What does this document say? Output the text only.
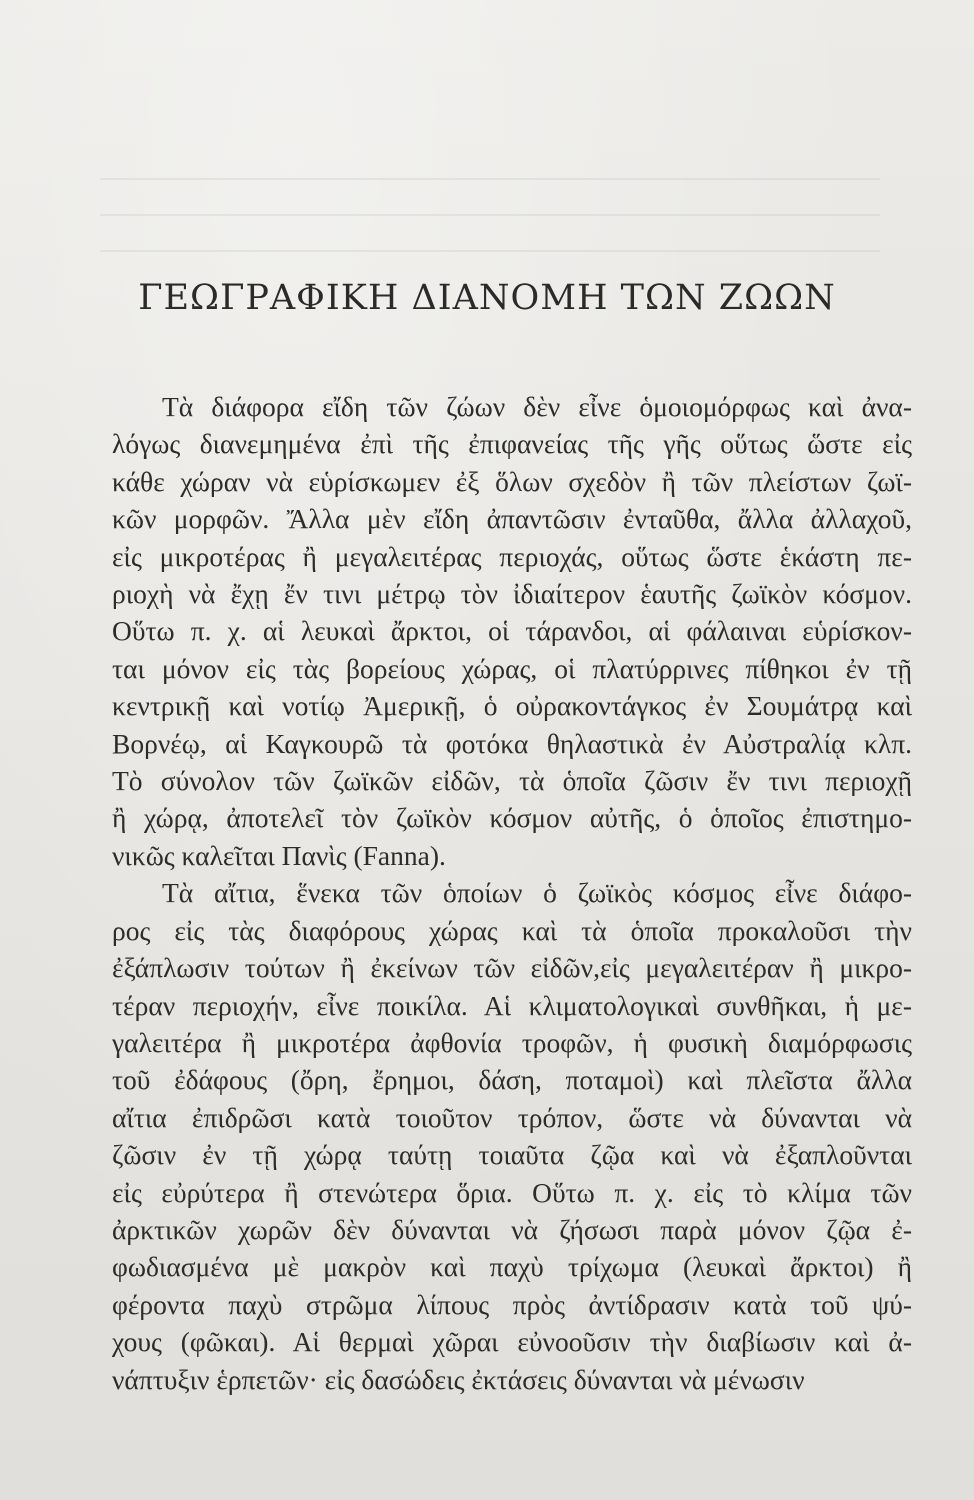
ΓΕΩΓΡΑΦΙΚΗ ΔΙΑΝΟΜΗ ΤΩΝ ΖΩΩΝ
Τὰ διάφορα εἴδη τῶν ζώων δὲν εἶνε ὁμοιομόρφως καὶ ἀνα-
λόγως διανεμημένα ἐπὶ τῆς ἐπιφανείας τῆς γῆς οὕτως ὥστε εἰς
κάθε χώραν νὰ εὑρίσκωμεν ἐξ ὅλων σχεδὸν ἢ τῶν πλείστων ζωϊ-
κῶν μορφῶν. Ἄλλα μὲν εἴδη ἀπαντῶσιν ἐνταῦθα, ἄλλα ἀλλαχοῦ,
εἰς μικροτέρας ἢ μεγαλειτέρας περιοχάς, οὕτως ὥστε ἑκάστη πε-
ριοχὴ νὰ ἔχῃ ἔν τινι μέτρῳ τὸν ἰδιαίτερον ἑαυτῆς ζωϊκὸν κόσμον.
Οὕτω π. χ. αἱ λευκαὶ ἄρκτοι, οἱ τάρανδοι, αἱ φάλαιναι εὑρίσκον-
ται μόνον εἰς τὰς βορείους χώρας, οἱ πλατύρρινες πίθηκοι ἐν τῇ
κεντρικῇ καὶ νοτίῳ Ἀμερικῇ, ὁ οὐρακοντάγκος ἐν Σουμάτρᾳ καὶ
Βορνέῳ, αἱ Καγκουρῶ τὰ φοτόκα θηλαστικὰ ἐν Αὐστραλίᾳ κλπ.
Τὸ σύνολον τῶν ζωϊκῶν εἰδῶν, τὰ ὁποῖα ζῶσιν ἔν τινι περιοχῇ
ἢ χώρᾳ, ἀποτελεῖ τὸν ζωϊκὸν κόσμον αὐτῆς, ὁ ὁποῖος ἐπιστημο-
νικῶς καλεῖται Πανὶς (Fanna).
Τὰ αἴτια, ἕνεκα τῶν ὁποίων ὁ ζωϊκὸς κόσμος εἶνε διάφο-
ρος εἰς τὰς διαφόρους χώρας καὶ τὰ ὁποῖα προκαλοῦσι τὴν
ἐξάπλωσιν τούτων ἢ ἐκείνων τῶν εἰδῶν,εἰς μεγαλειτέραν ἢ μικρο-
τέραν περιοχήν, εἶνε ποικίλα. Αἱ κλιματολογικαὶ συνθῆκαι, ἡ με-
γαλειτέρα ἢ μικροτέρα ἀφθονία τροφῶν, ἡ φυσικὴ διαμόρφωσις
τοῦ ἐδάφους (ὄρη, ἔρημοι, δάση, ποταμοὶ) καὶ πλεῖστα ἄλλα
αἴτια ἐπιδρῶσι κατὰ τοιοῦτον τρόπον, ὥστε νὰ δύνανται νὰ
ζῶσιν ἐν τῇ χώρᾳ ταύτῃ τοιαῦτα ζῷα καὶ νὰ ἐξαπλοῦνται
εἰς εὐρύτερα ἢ στενώτερα ὅρια. Οὕτω π. χ. εἰς τὸ κλίμα τῶν
ἀρκτικῶν χωρῶν δὲν δύνανται νὰ ζήσωσι παρὰ μόνον ζῷα ἐ-
φωδιασμένα μὲ μακρὸν καὶ παχὺ τρίχωμα (λευκαὶ ἄρκτοι) ἢ
φέροντα παχὺ στρῶμα λίπους πρὸς ἀντίδρασιν κατὰ τοῦ ψύ-
χους (φῶκαι). Αἱ θερμαὶ χῶραι εὐνοοῦσιν τὴν διαβίωσιν καὶ ἀ-
νάπτυξιν ἑρπετῶν· εἰς δασώδεις ἐκτάσεις δύνανται νὰ μένωσιν
